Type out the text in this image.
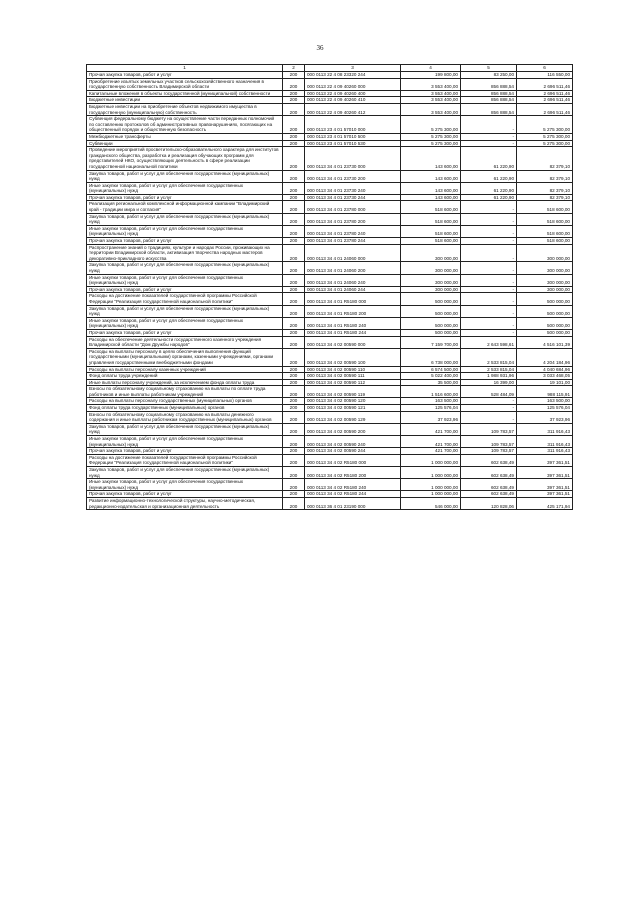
36
1	2	3	4	5	6
Прочая закупка товаров, работ и услуг	200	000 0113 22 4 08 23320 244	199 800,00	83 250,00	116 550,00
Приобретение изъятых земельных участков сельскохозяйственного назначения в государственную собственность Владимирской области	200	000 0113 22 4 09 40260 000	3 553 400,00	856 888,54	2 696 511,46
Капитальные вложения в объекты государственной (муниципальной) собственности	200	000 0113 22 4 09 40260 400	3 553 400,00	856 888,54	2 696 511,46
Бюджетные инвестиции	200	000 0113 22 4 09 40260 410	3 553 400,00	856 888,54	2 696 511,46
Бюджетные инвестиции на приобретение объектов недвижимого имущества в государственную (муниципальную) собственность	200	000 0113 22 4 09 40260 412	3 553 400,00	856 888,54	2 696 511,46
Субвенция федеральному бюджету на осуществление части переданных полномочий по составлению протоколов об административных правонарушениях, посягающих на общественный порядок и общественную безопасность	200	000 0113 23 4 01 57010 000	5 275 300,00	-	5 275 300,00
Межбюджетные трансферты	200	000 0113 23 4 01 57010 500	5 275 300,00	-	5 275 300,00
Субвенции	200	000 0113 23 4 01 57010 530	5 275 300,00	-	5 275 300,00
Проведение мероприятий просветительско-образовательного характера для институтов гражданского общества, разработка и реализация обучающих программ для представителей НКО, осуществляющих деятельность в сфере реализации государственной национальной политики	200	000 0113 34 4 01 23730 000	143 600,00	61 220,90	82 379,10
Закупка товаров, работ и услуг для обеспечения государственных (муниципальных) нужд	200	000 0113 34 4 01 23730 200	143 600,00	61 220,90	82 379,10
Иные закупки товаров, работ и услуг для обеспечения государственных (муниципальных) нужд	200	000 0113 34 4 01 23730 240	143 600,00	61 220,90	82 379,10
Прочая закупка товаров, работ и услуг	200	000 0113 34 4 01 23730 244	143 600,00	61 220,90	82 379,10
Реализация региональной комплексной информационной кампании "Владимирский край - традиции мира и согласия"	200	000 0113 34 4 01 23780 000	518 600,00	-	518 600,00
Закупка товаров, работ и услуг для обеспечения государственных (муниципальных) нужд	200	000 0113 34 4 01 23780 200	518 600,00	-	518 600,00
Иные закупки товаров, работ и услуг для обеспечения государственных (муниципальных) нужд	200	000 0113 34 4 01 23780 240	518 600,00	-	518 600,00
Прочая закупка товаров, работ и услуг	200	000 0113 34 4 01 23780 244	518 600,00	-	518 600,00
Распространение знаний о традициях, культуре и народах России, проживающих на территории Владимирской области, активизация творчества народных мастеров декоративно-прикладного искусства	200	000 0113 34 4 01 24060 000	300 000,00	-	300 000,00
Закупка товаров, работ и услуг для обеспечения государственных (муниципальных) нужд	200	000 0113 34 4 01 24060 200	300 000,00	-	300 000,00
Иные закупки товаров, работ и услуг для обеспечения государственных (муниципальных) нужд	200	000 0113 34 4 01 24060 240	300 000,00	-	300 000,00
Прочая закупка товаров, работ и услуг	200	000 0113 34 4 01 24060 244	300 000,00	-	300 000,00
Расходы на достижение показателей государственной программы Российской Федерации "Реализация государственной национальной политики"	200	000 0113 34 4 01 R5180 000	500 000,00	-	500 000,00
Закупка товаров, работ и услуг для обеспечения государственных (муниципальных) нужд	200	000 0113 34 4 01 R5180 200	500 000,00	-	500 000,00
Иные закупки товаров, работ и услуг для обеспечения государственных (муниципальных) нужд	200	000 0113 34 4 01 R5180 240	500 000,00	-	500 000,00
Прочая закупка товаров, работ и услуг	200	000 0113 34 4 01 R5180 244	500 000,00	-	500 000,00
Расходы на обеспечение деятельности государственного казенного учреждения Владимирской области "Дом Дружбы народов"	200	000 0113 34 4 02 00590 000	7 159 700,00	2 643 598,61	4 516 101,39
Расходы на выплаты персоналу в целях обеспечения выполнения функций государственными (муниципальными) органами, казенными учреждениями, органами управления государственными внебюджетными фондами	200	000 0113 34 4 02 00590 100	6 738 000,00	2 533 815,04	4 204 184,96
Расходы на выплаты персоналу казенных учреждений	200	000 0113 34 4 02 00590 110	6 574 500,00	2 533 815,04	4 040 684,96
Фонд оплаты труда учреждений	200	000 0113 34 4 02 00590 111	5 022 400,00	1 988 931,96	3 033 468,05
Иные выплаты персоналу учреждений, за исключением фонда оплаты труда	200	000 0113 34 4 02 00590 112	35 500,00	16 399,00	19 101,00
Взносы по обязательному социальному страхованию на выплаты по оплате труда работников и иные выплаты работникам учреждений	200	000 0113 34 4 02 00590 119	1 516 600,00	528 484,09	988 115,91
Расходы на выплаты персоналу государственных (муниципальных) органов	200	000 0113 34 4 02 00590 120	163 500,00	-	163 500,00
Фонд оплаты труда государственных (муниципальных) органов	200	000 0113 34 4 02 00590 121	125 576,04	-	125 576,04
Взносы по обязательному социальному страхованию на выплаты денежного содержания и иные выплаты работникам государственных (муниципальных) органов	200	000 0113 34 4 02 00590 129	37 923,96	-	37 923,96
Закупка товаров, работ и услуг для обеспечения государственных (муниципальных) нужд	200	000 0113 34 4 02 00590 200	421 700,00	109 783,57	311 916,43
Иные закупки товаров, работ и услуг для обеспечения государственных (муниципальных) нужд	200	000 0113 34 4 02 00590 240	421 700,00	109 783,57	311 916,43
Прочая закупка товаров, работ и услуг	200	000 0113 34 4 02 00590 244	421 700,00	109 783,57	311 916,43
Расходы на достижение показателей государственной программы Российской Федерации "Реализация государственной национальной политики"	200	000 0113 34 4 02 R5180 000	1 000 000,00	602 638,49	397 361,51
Закупка товаров, работ и услуг для обеспечения государственных (муниципальных) нужд	200	000 0113 34 4 02 R5180 200	1 000 000,00	602 638,49	397 361,51
Иные закупки товаров, работ и услуг для обеспечения государственных (муниципальных) нужд	200	000 0113 34 4 02 R5180 240	1 000 000,00	602 638,49	397 361,51
Прочая закупка товаров, работ и услуг	200	000 0113 34 4 02 R5180 244	1 000 000,00	602 638,49	397 361,51
Развитие информационно-технологической структуры, научно-методическая, редакционно-издательская и организационная деятельность	200	000 0113 36 4 01 23190 000	546 000,00	120 828,06	425 171,94
